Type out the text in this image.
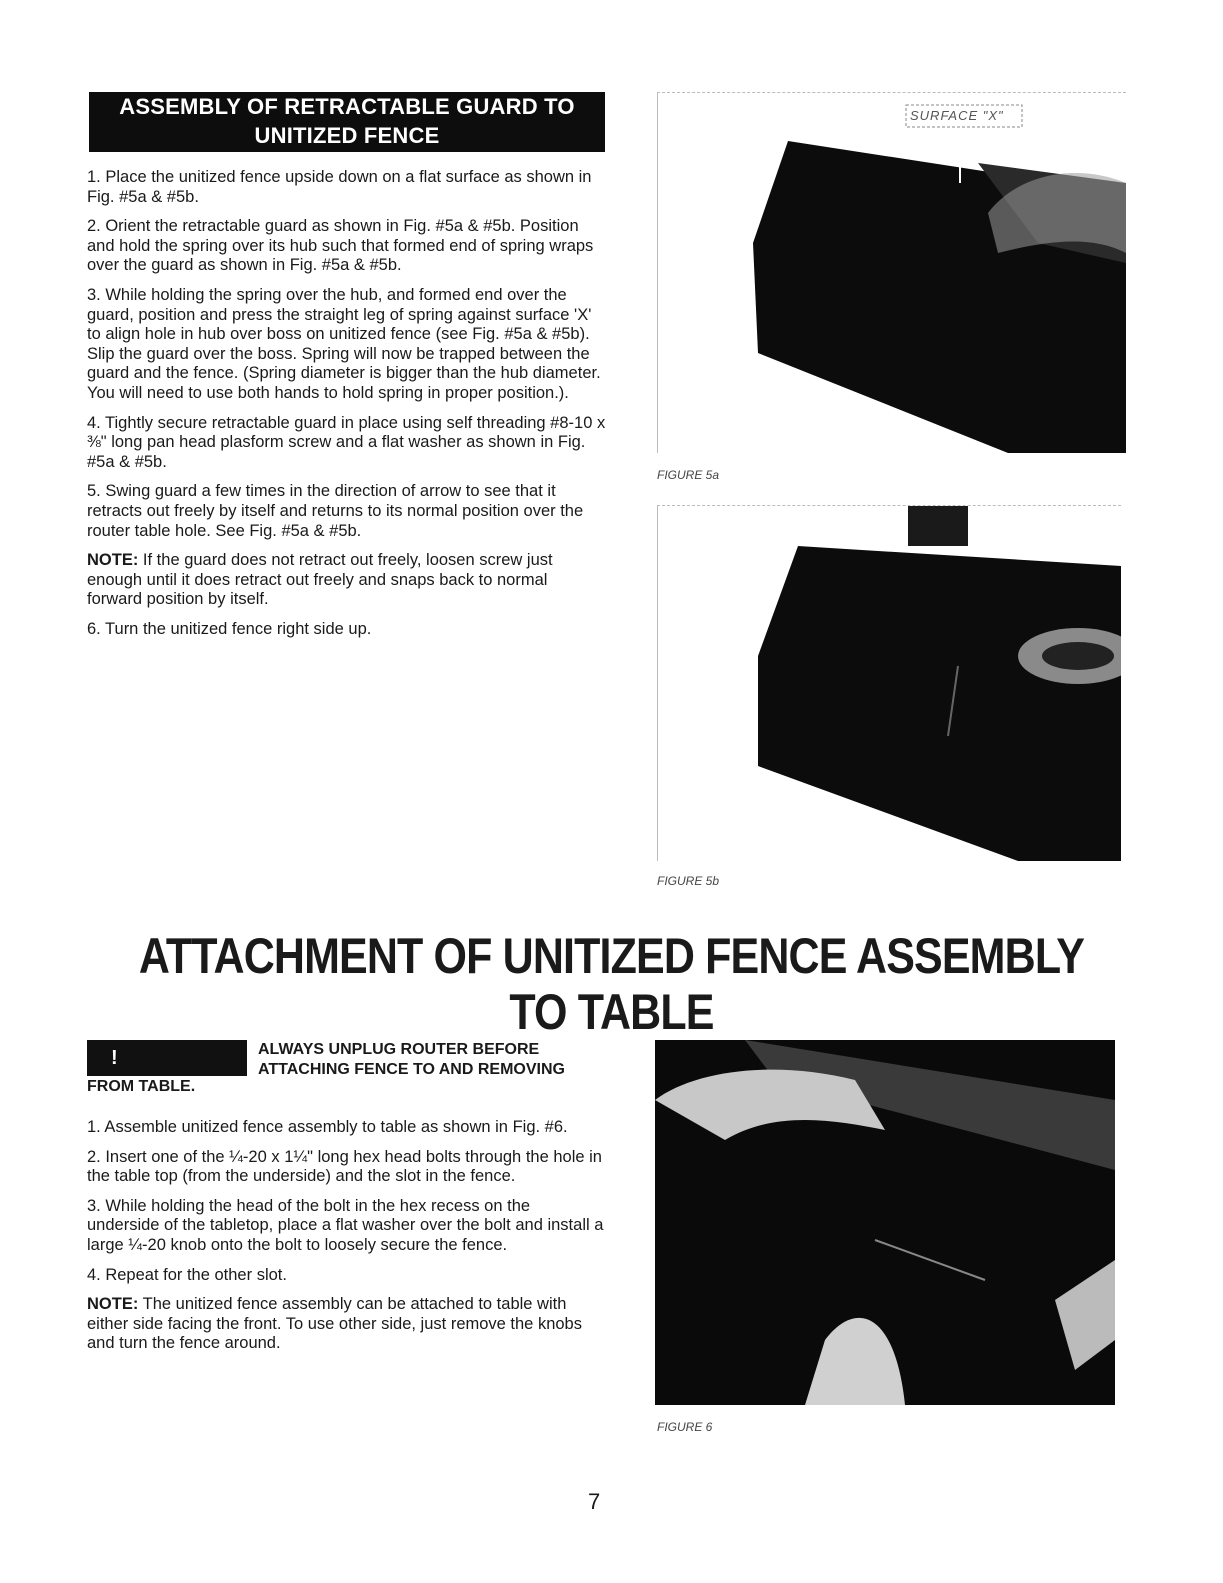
ASSEMBLY OF RETRACTABLE GUARD TO
UNITIZED FENCE

1. Place the unitized fence upside down on a flat surface as shown in Fig. #5a & #5b.

2. Orient the retractable guard as shown in Fig. #5a & #5b. Position and hold the spring over its hub such that formed end of spring wraps over the guard as shown in Fig. #5a & #5b.

3. While holding the spring over the hub, and formed end over the guard, position and press the straight leg of spring against surface 'X' to align hole in hub over boss on unitized fence (see Fig. #5a & #5b). Slip the guard over the boss. Spring will now be trapped between the guard and the fence. (Spring diameter is bigger than the hub diameter. You will need to use both hands to hold spring in proper position.).

4. Tightly secure retractable guard in place using self threading #8-10 x ⅜" long pan head plasform screw and a flat washer as shown in Fig. #5a & #5b.

5. Swing guard a few times in the direction of arrow to see that it retracts out freely by itself and returns to its normal position over the router table hole. See Fig. #5a & #5b.

NOTE: If the guard does not retract out freely, loosen screw just enough until it does retract out freely and snaps back to normal forward position by itself.

6. Turn the unitized fence right side up.

SURFACE "X"
FIGURE 5a
FIGURE 5b
ATTACHMENT OF UNITIZED FENCE ASSEMBLY
TO TABLE
!	ALWAYS UNPLUG ROUTER BEFORE
ATTACHING FENCE TO AND REMOVING
FROM TABLE.

1. Assemble unitized fence assembly to table as shown in Fig. #6.

2. Insert one of the ¼-20 x 1¼" long hex head bolts through the hole in the table top (from the underside) and the slot in the fence.

3. While holding the head of the bolt in the hex recess on the underside of the tabletop, place a flat washer over the bolt and install a large ¼-20 knob onto the bolt to loosely secure the fence.

4. Repeat for the other slot.

NOTE: The unitized fence assembly can be attached to table with either side facing the front. To use other side, just remove the knobs and turn the fence around.

FIGURE 6
7
